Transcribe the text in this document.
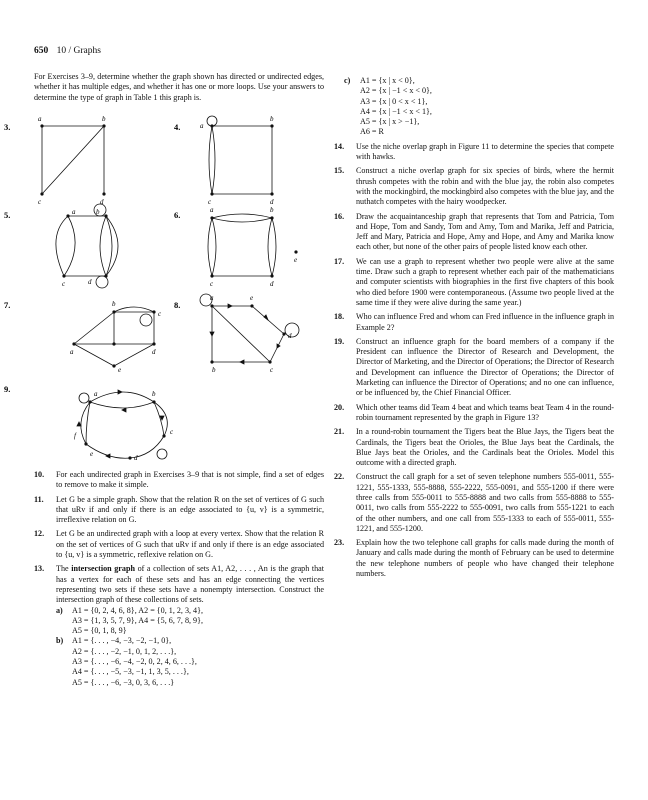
650 10 / Graphs

For Exercises 3–9, determine whether the graph shown has directed or undirected edges, whether it has multiple edges, and whether it has one or more loops. Use your answers to determine the type of graph in Table 1 this graph is.

3.	4.
5.	6.
7.	8.
9.
a	b
c	d
a
b
c	d
a	b
c	d
a	b
c	d
e
a
b
c
d
e
a
b	c
d
e
a	b
c
d
e
f
10. For each undirected graph in Exercises 3–9 that is not simple, find a set of edges to remove to make it simple.
11. Let G be a simple graph. Show that the relation R on the set of vertices of G such that uRv if and only if there is an edge associated to {u, v} is a symmetric, irreflexive relation on G.
12. Let G be an undirected graph with a loop at every vertex. Show that the relation R on the set of vertices of G such that uRv if and only if there is an edge associated to {u, v} is a symmetric, reflexive relation on G.
13. The intersection graph of a collection of sets A1, A2, . . . , An is the graph that has a vertex for each of these sets and has an edge connecting the vertices representing two sets if these sets have a nonempty intersection. Construct the intersection graph of these collections of sets.
a) A1 = {0, 2, 4, 6, 8}, A2 = {0, 1, 2, 3, 4},
A3 = {1, 3, 5, 7, 9}, A4 = {5, 6, 7, 8, 9},
A5 = {0, 1, 8, 9}
b) A1 = {. . . , −4, −3, −2, −1, 0},
A2 = {. . . , −2, −1, 0, 1, 2, . . .},
A3 = {. . . , −6, −4, −2, 0, 2, 4, 6, . . .},
A4 = {. . . , −5, −3, −1, 1, 3, 5, . . .},
A5 = {. . . , −6, −3, 0, 3, 6, . . .}
c) A1 = {x | x < 0},
A2 = {x | −1 < x < 0},
A3 = {x | 0 < x < 1},
A4 = {x | −1 < x < 1},
A5 = {x | x > −1},
A6 = R
14. Use the niche overlap graph in Figure 11 to determine the species that compete with hawks.
15. Construct a niche overlap graph for six species of birds, where the hermit thrush competes with the robin and with the blue jay, the robin also competes with the mockingbird, the mockingbird also competes with the blue jay, and the nuthatch competes with the hairy woodpecker.
16. Draw the acquaintanceship graph that represents that Tom and Patricia, Tom and Hope, Tom and Sandy, Tom and Amy, Tom and Marika, Jeff and Patricia, Jeff and Mary, Patricia and Hope, Amy and Hope, and Amy and Marika know each other, but none of the other pairs of people listed know each other.
17. We can use a graph to represent whether two people were alive at the same time. Draw such a graph to represent whether each pair of the mathematicians and computer scientists with biographies in the first five chapters of this book who died before 1900 were contemporaneous. (Assume two people lived at the same time if they were alive during the same year.)
18. Who can influence Fred and whom can Fred influence in the influence graph in Example 2?
19. Construct an influence graph for the board members of a company if the President can influence the Director of Research and Development, the Director of Marketing, and the Director of Operations; the Director of Research and Development can influence the Director of Operations; the Director of Marketing can influence the Director of Operations; and no one can influence, or be influenced by, the Chief Financial Officer.
20. Which other teams did Team 4 beat and which teams beat Team 4 in the round-robin tournament represented by the graph in Figure 13?
21. In a round-robin tournament the Tigers beat the Blue Jays, the Tigers beat the Cardinals, the Tigers beat the Orioles, the Blue Jays beat the Cardinals, the Blue Jays beat the Orioles, and the Cardinals beat the Orioles. Model this outcome with a directed graph.
22. Construct the call graph for a set of seven telephone numbers 555-0011, 555-1221, 555-1333, 555-8888, 555-2222, 555-0091, and 555-1200 if there were three calls from 555-0011 to 555-8888 and two calls from 555-8888 to 555-0011, two calls from 555-2222 to 555-0091, two calls from 555-1221 to each of the other numbers, and one call from 555-1333 to each of 555-0011, 555-1221, and 555-1200.
23. Explain how the two telephone call graphs for calls made during the month of January and calls made during the month of February can be used to determine the new telephone numbers of people who have changed their telephone numbers.
